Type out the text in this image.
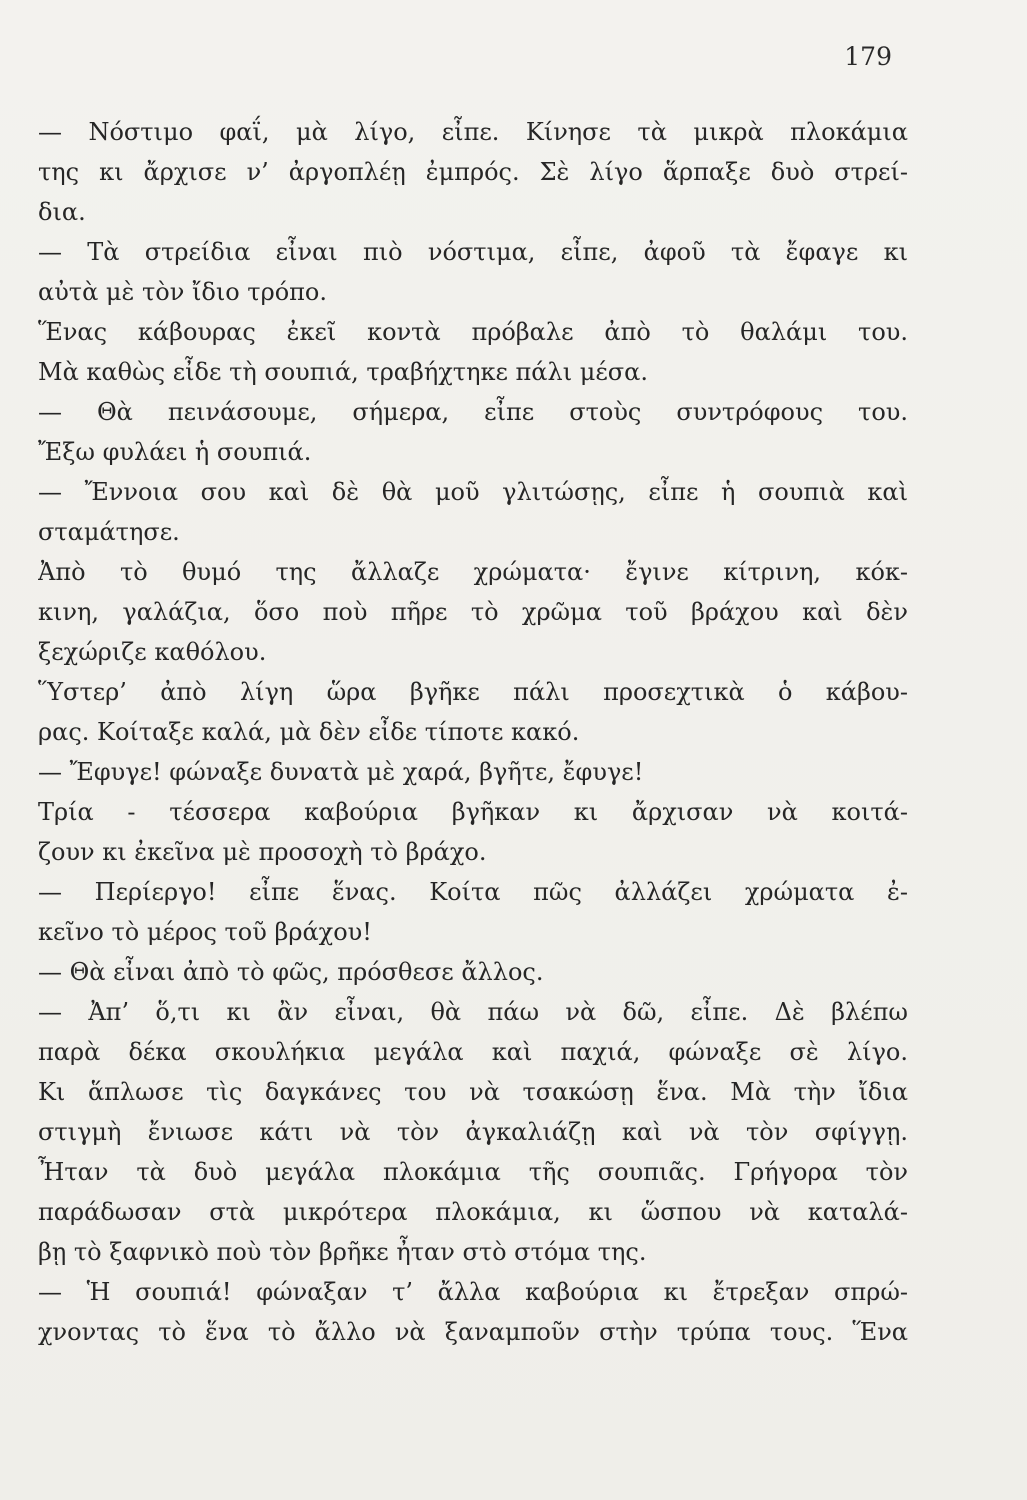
179
— Νόστιμο φαΐ, μὰ λίγο, εἶπε. Κίνησε τὰ μικρὰ πλοκάμια
της κι ἄρχισε ν’ ἀργοπλέῃ ἐμπρός. Σὲ λίγο ἅρπαξε δυὸ στρεί-
δια.
— Τὰ στρείδια εἶναι πιὸ νόστιμα, εἶπε, ἀφοῦ τὰ ἔφαγε κι
αὐτὰ μὲ τὸν ἴδιο τρόπο.
Ἕνας κάβουρας ἐκεῖ κοντὰ πρόβαλε ἀπὸ τὸ θαλάμι του.
Μὰ καθὼς εἶδε τὴ σουπιά, τραβήχτηκε πάλι μέσα.
— Θὰ πεινάσουμε, σήμερα, εἶπε στοὺς συντρόφους του.
Ἔξω φυλάει ἡ σουπιά.
— Ἔννοια σου καὶ δὲ θὰ μοῦ γλιτώσῃς, εἶπε ἡ σουπιὰ καὶ
σταμάτησε.
Ἀπὸ τὸ θυμό της ἄλλαζε χρώματα· ἔγινε κίτρινη, κόκ-
κινη, γαλάζια, ὅσο ποὺ πῆρε τὸ χρῶμα τοῦ βράχου καὶ δὲν
ξεχώριζε καθόλου.
Ὕστερ’ ἀπὸ λίγη ὥρα βγῆκε πάλι προσεχτικὰ ὁ κάβου-
ρας. Κοίταξε καλά, μὰ δὲν εἶδε τίποτε κακό.
— Ἔφυγε! φώναξε δυνατὰ μὲ χαρά, βγῆτε, ἔφυγε!
Τρία - τέσσερα καβούρια βγῆκαν κι ἄρχισαν νὰ κοιτά-
ζουν κι ἐκεῖνα μὲ προσοχὴ τὸ βράχο.
— Περίεργο! εἶπε ἕνας. Κοίτα πῶς ἀλλάζει χρώματα ἐ-
κεῖνο τὸ μέρος τοῦ βράχου!
— Θὰ εἶναι ἀπὸ τὸ φῶς, πρόσθεσε ἄλλος.
— Ἀπ’ ὅ,τι κι ἂν εἶναι, θὰ πάω νὰ δῶ, εἶπε. Δὲ βλέπω
παρὰ δέκα σκουλήκια μεγάλα καὶ παχιά, φώναξε σὲ λίγο.
Κι ἅπλωσε τὶς δαγκάνες του νὰ τσακώσῃ ἕνα. Μὰ τὴν ἴδια
στιγμὴ ἔνιωσε κάτι νὰ τὸν ἀγκαλιάζῃ καὶ νὰ τὸν σφίγγῃ.
Ἦταν τὰ δυὸ μεγάλα πλοκάμια τῆς σουπιᾶς. Γρήγορα τὸν
παράδωσαν στὰ μικρότερα πλοκάμια, κι ὥσπου νὰ καταλά-
βῃ τὸ ξαφνικὸ ποὺ τὸν βρῆκε ἦταν στὸ στόμα της.
— Ἡ σουπιά! φώναξαν τ’ ἄλλα καβούρια κι ἔτρεξαν σπρώ-
χνοντας τὸ ἕνα τὸ ἄλλο νὰ ξαναμποῦν στὴν τρύπα τους. Ἕνα
